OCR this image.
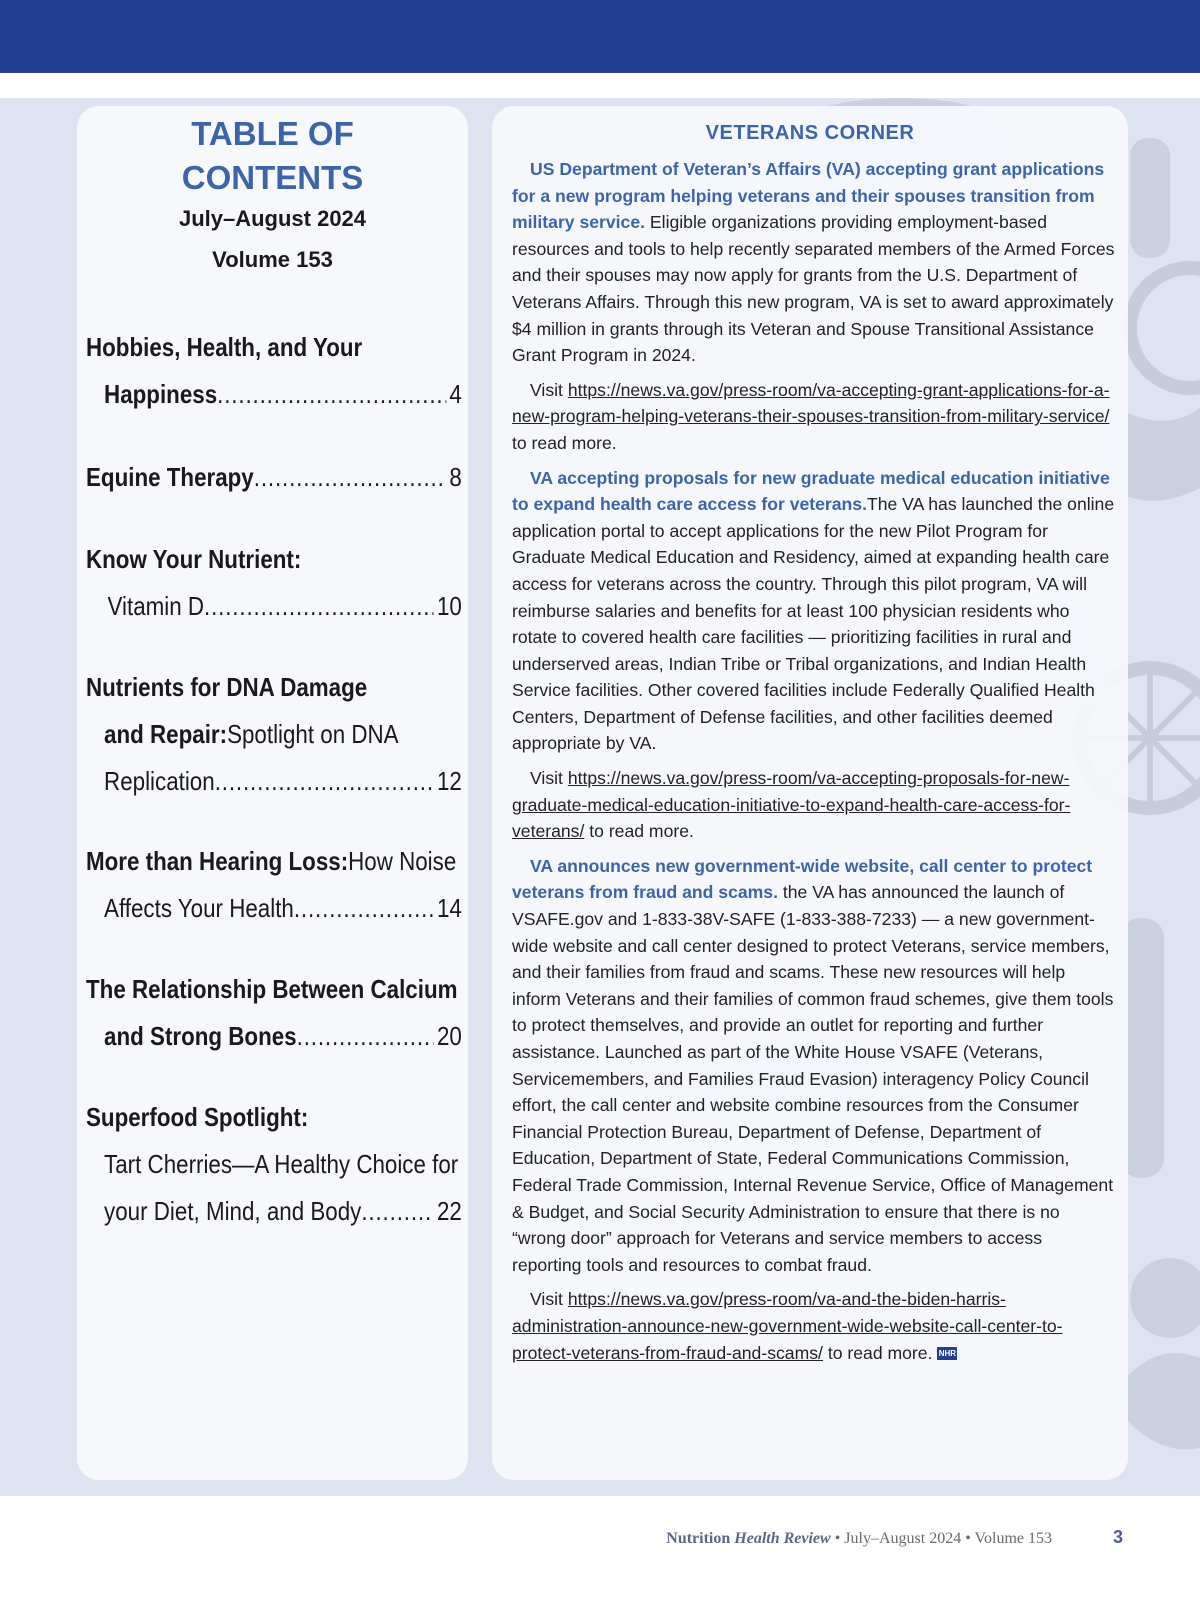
TABLE OF
CONTENTS
July–August 2024
Volume 153
Hobbies, Health, and Your
Happiness .....	4
Equine Therapy .....	8
Know Your Nutrient:
Vitamin D .....	10
Nutrients for DNA Damage
and Repair: Spotlight on DNA
Replication .....	12
More than Hearing Loss: How Noise
Affects Your Health .....	14
The Relationship Between Calcium
and Strong Bones .....	20
Superfood Spotlight:
Tart Cherries—A Healthy Choice for
your Diet, Mind, and Body .....	22
VETERANS CORNER

US Department of Veteran’s Affairs (VA) accepting grant applications for a new program helping veterans and their spouses transition from military service. Eligible organizations providing employment-based resources and tools to help recently separated members of the Armed Forces and their spouses may now apply for grants from the U.S. Department of Veterans Affairs. Through this new program, VA is set to award approximately $4 million in grants through its Veteran and Spouse Transitional Assistance Grant Program in 2024.

Visit https://news.va.gov/press-room/va-accepting-grant-applications-for-a-new-program-helping-veterans-their-spouses-transition-from-military-service/ to read more.

VA accepting proposals for new graduate medical education initiative to expand health care access for veterans.The VA has launched the online application portal to accept applications for the new Pilot Program for Graduate Medical Education and Residency, aimed at expanding health care access for veterans across the country. Through this pilot program, VA will reimburse salaries and benefits for at least 100 physician residents who rotate to covered health care facilities — prioritizing facilities in rural and underserved areas, Indian Tribe or Tribal organizations, and Indian Health Service facilities. Other covered facilities include Federally Qualified Health Centers, Department of Defense facilities, and other facilities deemed appropriate by VA.

Visit https://news.va.gov/press-room/va-accepting-proposals-for-new-graduate-medical-education-initiative-to-expand-health-care-access-for-veterans/ to read more.

VA announces new government-wide website, call center to protect veterans from fraud and scams. the VA has announced the launch of VSAFE.gov and 1-833-38V-SAFE (1-833-388-7233) — a new government-wide website and call center designed to protect Veterans, service members, and their families from fraud and scams. These new resources will help inform Veterans and their families of common fraud schemes, give them tools to protect themselves, and provide an outlet for reporting and further assistance. Launched as part of the White House VSAFE (Veterans, Servicemembers, and Families Fraud Evasion) interagency Policy Council effort, the call center and website combine resources from the Consumer Financial Protection Bureau, Department of Defense, Department of Education, Department of State, Federal Communications Commission, Federal Trade Commission, Internal Revenue Service, Office of Management & Budget, and Social Security Administration to ensure that there is no “wrong door” approach for Veterans and service members to access reporting tools and resources to combat fraud.

Visit https://news.va.gov/press-room/va-and-the-biden-harris-administration-announce-new-government-wide-website-call-center-to-protect-veterans-from-fraud-and-scams/ to read more. NHR

Nutrition Health Review • July–August 2024 • Volume 153	3
